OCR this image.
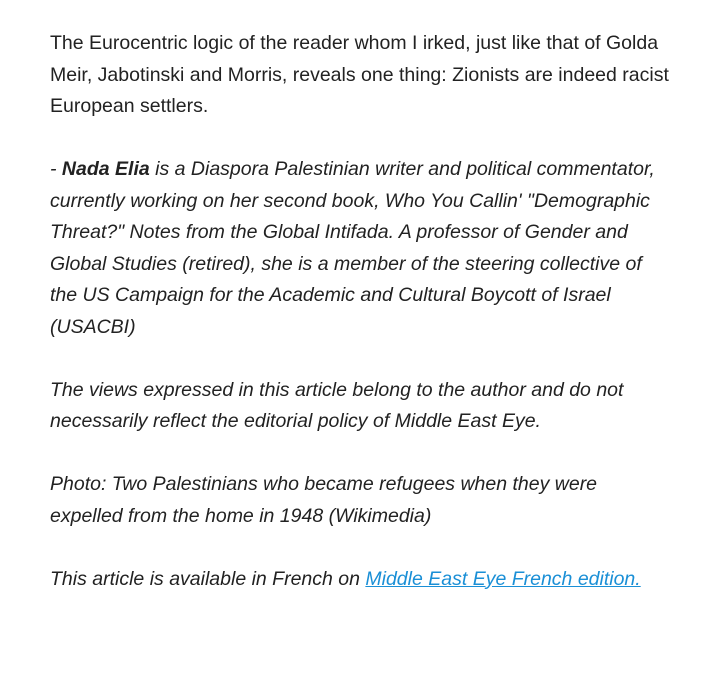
The Eurocentric logic of the reader whom I irked, just like that of Golda Meir, Jabotinski and Morris, reveals one thing: Zionists are indeed racist European settlers.

- Nada Elia is a Diaspora Palestinian writer and political commentator, currently working on her second book, Who You Callin' "Demographic Threat?" Notes from the Global Intifada. A professor of Gender and Global Studies (retired), she is a member of the steering collective of the US Campaign for the Academic and Cultural Boycott of Israel (USACBI)

The views expressed in this article belong to the author and do not necessarily reflect the editorial policy of Middle East Eye.

Photo: Two Palestinians who became refugees when they were expelled from the home in 1948 (Wikimedia)

This article is available in French on Middle East Eye French edition.
